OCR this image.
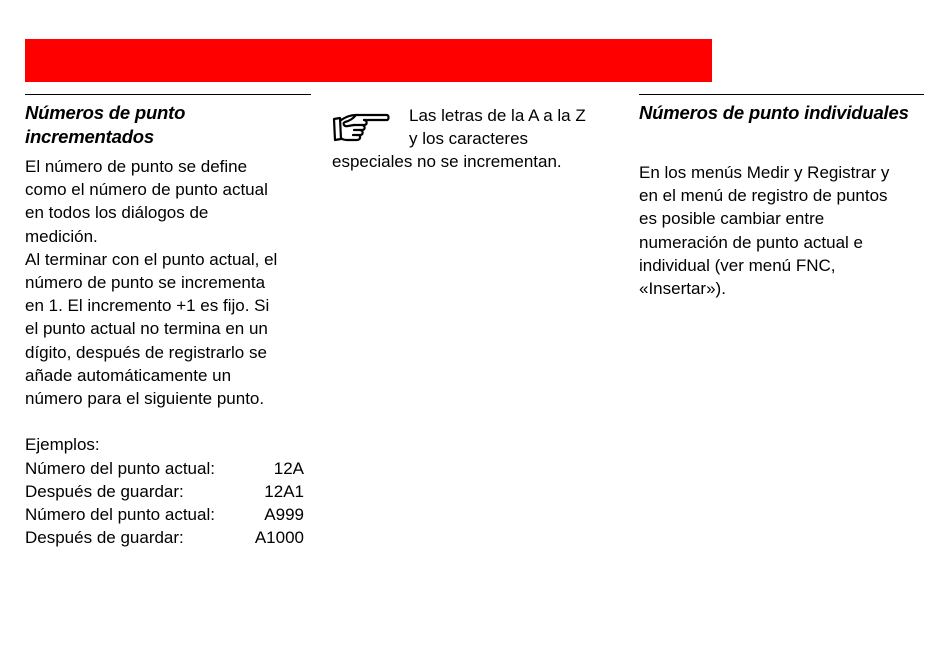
Números de punto
incrementados

El número de punto se define

como el número de punto actual

en todos los diálogos de

medición.

Al terminar con el punto actual, el

número de punto se incrementa

en 1. El incremento +1 es fijo. Si

el punto actual no termina en un

dígito, después de registrarlo se

añade automáticamente un

número para el siguiente punto.

Ejemplos:

Número del punto actual:	12A
Después de guardar:	12A1
Número del punto actual:	A999
Después de guardar:	A1000
Las letras de la A a la Z
y los caracteres
especiales no se incrementan.
Números de punto individuales

En los menús Medir y Registrar y

en el menú de registro de puntos

es posible cambiar entre

numeración de punto actual e

individual (ver menú FNC,

«Insertar»).
